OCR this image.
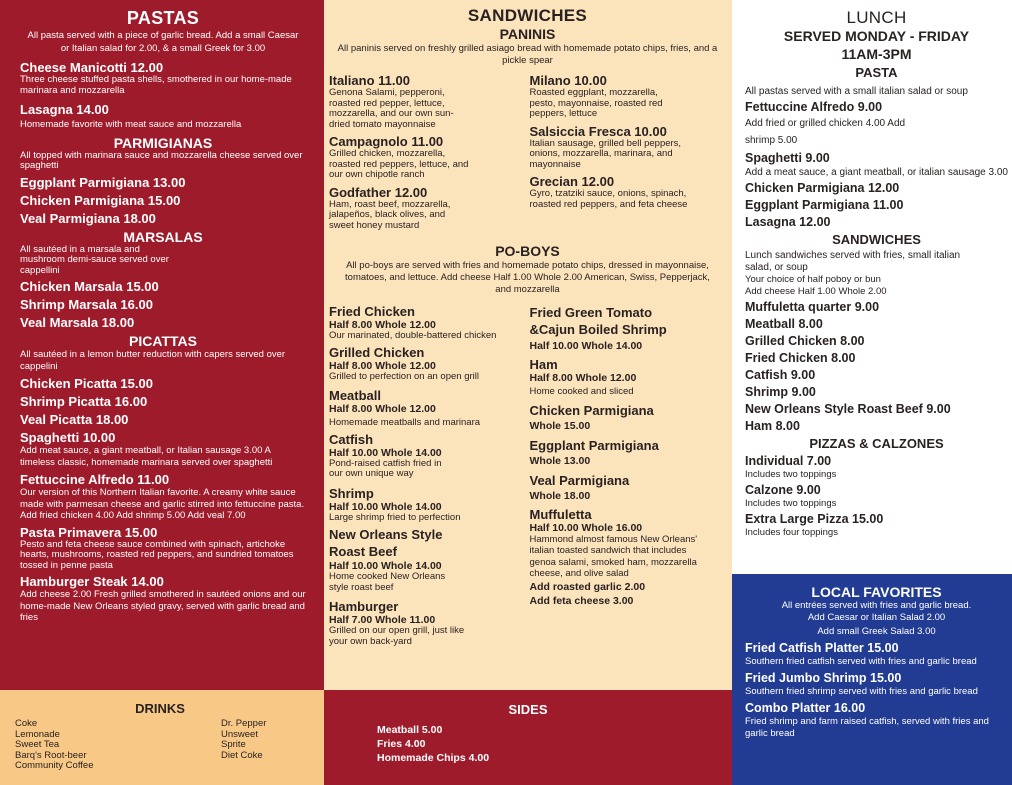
PASTAS
All pasta served with a piece of garlic bread. Add a small Caesar or Italian salad for 2.00, & a small Greek for 3.00
Cheese Manicotti 12.00
Three cheese stuffed pasta shells, smothered in our home-made marinara and mozzarella
Lasagna 14.00
Homemade favorite with meat sauce and mozzarella
PARMIGIANAS
All topped with marinara sauce and mozzarella cheese served over spaghetti
Eggplant Parmigiana 13.00
Chicken Parmigiana 15.00
Veal Parmigiana 18.00
MARSALAS
All sautéed in a marsala and mushroom demi-sauce served over cappellini
Chicken Marsala 15.00
Shrimp Marsala 16.00
Veal Marsala 18.00
PICATTAS
All sautéed in a lemon butter reduction with capers served over cappelini
Chicken Picatta 15.00
Shrimp Picatta 16.00
Veal Picatta 18.00
Spaghetti 10.00
Add meat sauce, a giant meatball, or Italian sausage 3.00 A timeless classic, homemade marinara served over spaghetti
Fettuccine Alfredo 11.00
Our version of this Northern Italian favorite. A creamy white sauce made with parmesan cheese and garlic stirred into fettuccine pasta. Add fried chicken 4.00 Add shrimp 5.00 Add veal 7.00
Pasta Primavera 15.00
Pesto and feta cheese sauce combined with spinach, artichoke hearts, mushrooms, roasted red peppers, and sundried tomatoes tossed in penne pasta
Hamburger Steak 14.00
Add cheese 2.00 Fresh grilled smothered in sautéed onions and our home-made New Orleans styled gravy, served with garlic bread and fries
SANDWICHES
PANINIS
All paninis served on freshly grilled asiago bread with homemade potato chips, fries, and a pickle spear
Italiano 11.00
Genona Salami, pepperoni, roasted red pepper, lettuce, mozzarella, and our own sun-dried tomato mayonnaise
Campagnolo 11.00
Grilled chicken, mozzarella, roasted red peppers, lettuce, and our own chipotle ranch
Godfather 12.00
Ham, roast beef, mozzarella, jalapeños, black olives, and sweet honey mustard
Milano 10.00
Roasted eggplant, mozzarella, pesto, mayonnaise, roasted red peppers, lettuce
Salsiccia Fresca 10.00
Italian sausage, grilled bell peppers, onions, mozzarella, marinara, and mayonnaise
Grecian 12.00
Gyro, tzatziki sauce, onions, spinach, roasted red peppers, and feta cheese
PO-BOYS
All po-boys are served with fries and homemade potato chips, dressed in mayonnaise, tomatoes, and lettuce. Add cheese Half 1.00 Whole 2.00 American, Swiss, Pepperjack, and mozzarella
Fried Chicken
Half 8.00 Whole 12.00
Our marinated, double-battered chicken
Grilled Chicken
Half 8.00 Whole 12.00
Grilled to perfection on an open grill
Meatball
Half 8.00 Whole 12.00
Homemade meatballs and marinara
Catfish
Half 10.00 Whole 14.00
Pond-raised catfish fried in our own unique way
Shrimp
Half 10.00 Whole 14.00
Large shrimp fried to perfection
New Orleans Style Roast Beef
Half 10.00 Whole 14.00
Home cooked New Orleans style roast beef
Hamburger
Half 7.00 Whole 11.00
Grilled on our open grill, just like your own back-yard
Fried Green Tomato &Cajun Boiled Shrimp
Half 10.00 Whole 14.00
Ham
Half 8.00 Whole 12.00
Home cooked and sliced
Chicken Parmigiana
Whole 15.00
Eggplant Parmigiana
Whole 13.00
Veal Parmigiana
Whole 18.00
Muffuletta
Half 10.00 Whole 16.00
Hammond almost famous New Orleans' italian toasted sandwich that includes genoa salami, smoked ham, mozzarella cheese, and olive salad
Add roasted garlic 2.00
Add feta cheese 3.00
LUNCH
SERVED MONDAY - FRIDAY
11AM-3PM
PASTA
All pastas served with a small italian salad or soup
Fettuccine Alfredo 9.00
Add fried or grilled chicken 4.00 Add shrimp 5.00
Spaghetti 9.00
Add a meat sauce, a giant meatball, or italian sausage 3.00
Chicken Parmigiana 12.00
Eggplant Parmigiana 11.00
Lasagna 12.00
SANDWICHES
Lunch sandwiches served with fries, small italian salad, or soup
Your choice of half poboy or bun
Add cheese Half 1.00 Whole 2.00
Muffuletta quarter 9.00
Meatball 8.00
Grilled Chicken 8.00
Fried Chicken 8.00
Catfish 9.00
Shrimp 9.00
New Orleans Style Roast Beef 9.00
Ham 8.00
PIZZAS & CALZONES
Individual 7.00
Includes two toppings
Calzone 9.00
Includes two toppings
Extra Large Pizza 15.00
Includes four toppings
LOCAL FAVORITES
All entrées served with fries and garlic bread.
Add Caesar or Italian Salad 2.00
Add small Greek Salad 3.00
Fried Catfish Platter 15.00
Southern fried catfish served with fries and garlic bread
Fried Jumbo Shrimp 15.00
Southern fried shrimp served with fries and garlic bread
Combo Platter 16.00
Fried shrimp and farm raised catfish, served with fries and garlic bread
DRINKS
Coke
Lemonade
Sweet Tea
Barq's Root-beer
Community Coffee
Dr. Pepper
Unsweet
Sprite
Diet Coke
SIDES
Meatball 5.00
Fries 4.00
Homemade Chips 4.00
